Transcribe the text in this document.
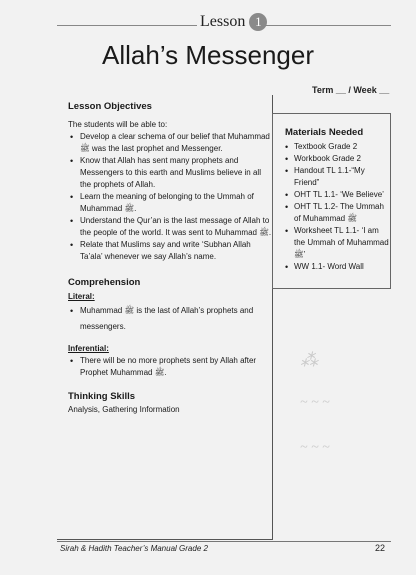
Lesson 1
Allah’s Messenger
Term __ / Week __
Lesson Objectives

The students will be able to:

• Develop a clear schema of our belief that Muhammad ﷺ was the last prophet and Messenger.
• Know that Allah has sent many prophets and Messengers to this earth and Muslims believe in all the prophets of Allah.
• Learn the meaning of belonging to the Ummah of Muhammad ﷺ.
• Understand the Qur’an is the last message of Allah to the people of the world. It was sent to Muhammad ﷺ.
• Relate that Muslims say and write ‘Subhan Allah Ta’ala’ whenever we say Allah’s name.
Comprehension
Literal:
• Muhammad ﷺ is the last of Allah’s prophets and messengers.
Inferential:
• There will be no more prophets sent by Allah after Prophet Muhammad ﷺ.
Thinking Skills

Analysis, Gathering Information

Materials Needed
• Textbook Grade 2
• Workbook Grade 2
• Handout TL 1.1-“My Friend”
• OHT TL 1.1- ‘We Believe’
• OHT TL 1.2- The Ummah of Muhammad ﷺ
• Worksheet TL 1.1- ‘I am the Ummah of Muhammad ﷺ’
• WW 1.1- Word Wall
⁂
~ ~ ~
~ ~ ~
Sirah & Hadith Teacher’s Manual Grade 2	22
